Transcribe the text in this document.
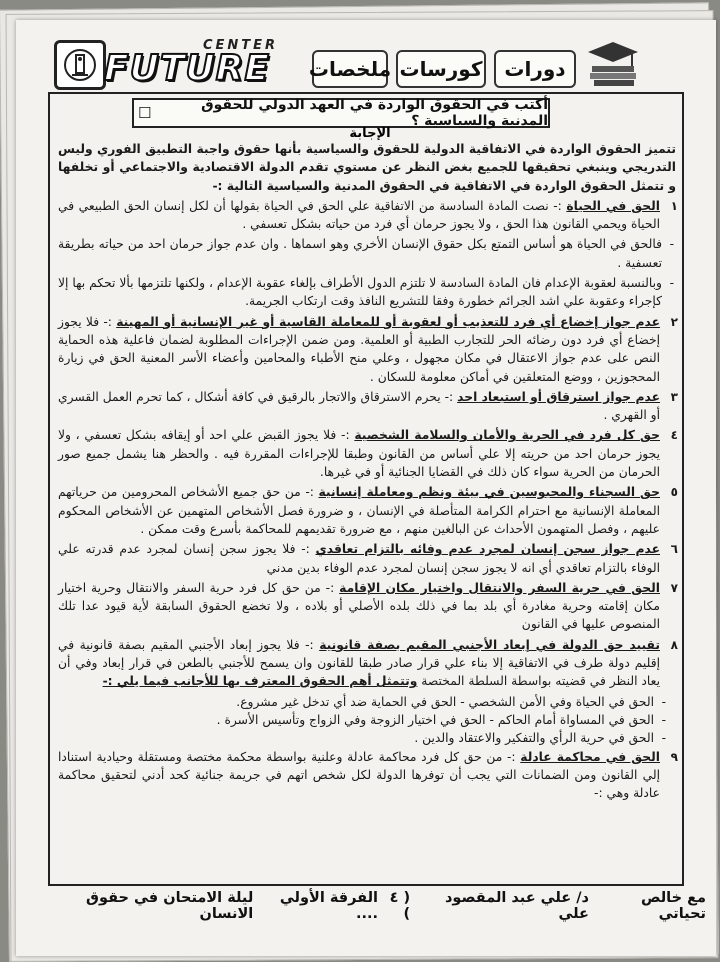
CENTER
FUTURE ملخصات كورسات	دورات
أكتب في الحقوق الواردة في العهد الدولي للحقوق المدنية والسياسية ؟
☐
الإجابة

تتميز الحقوق الواردة في الاتفاقية الدولية للحقوق والسياسية بأنها حقوق واجبة التطبيق الفوري وليس التدريجي وينبغي تحقيقها للجميع بغض النظر عن مستوي تقدم الدولة الاقتصادية والاجتماعي أو تخلفها و تتمثل الحقوق الواردة في الاتفاقية في الحقوق المدنية والسياسية التالية :-

١
الحق في الحياة :- نصت المادة السادسة من الاتفاقية علي الحق في الحياة بقولها أن لكل إنسان الحق الطبيعي في الحياة ويحمي القانون هذا الحق ، ولا يجوز حرمان أي فرد من حياته بشكل تعسفي .

-
فالحق في الحياة هو أساس التمتع بكل حقوق الإنسان الأخري وهو اسماها . وان عدم جواز حرمان احد من حياته بطريقة تعسفية .

-
وبالنسبة لعقوبة الإعدام فان المادة السادسة لا تلتزم الدول الأطراف بإلغاء عقوبة الإعدام ، ولكنها تلتزمها بألا تحكم بها إلا كإجراء وعقوبة علي اشد الجرائم خطورة وفقا للتشريع النافذ وقت ارتكاب الجريمة.

٢
عدم جواز إخضاع أي فرد للتعذيب أو لعقوبة أو للمعاملة القاسية أو غير الإنسانية أو المهينة :- فلا يجوز إخضاع أي فرد دون رضائه الحر للتجارب الطبية أو العلمية. ومن ضمن الإجراءات المطلوبة لضمان فاعلية هذه الحماية النص على عدم جواز الاعتقال في مكان مجهول ، وعلي منح الأطباء والمحامين وأعضاء الأسر المعنية الحق في زيارة المحجوزين ، ووضع المتعلقين في أماكن معلومة للسكان .

٣
عدم جواز استرقاق أو استبعاد احد :- يحرم الاسترقاق والاتجار بالرقيق في كافة أشكال ، كما تحرم العمل القسري أو القهري .

٤
حق كل فرد في الحرية والأمان والسلامة الشخصية :- فلا يجوز القبض علي احد أو إيقافه بشكل تعسفي ، ولا يجوز حرمان احد من حريته إلا علي أساس من القانون وطبقا للإجراءات المقررة فيه . والحظر هنا يشمل جميع صور الحرمان من الحرية سواء كان ذلك في القضايا الجنائية أو في غيرها.

٥
حق السجناء والمحبوسين في بيئة ونظم ومعاملة إنسانية :- من حق جميع الأشخاص المحرومين من حرياتهم المعاملة الإنسانية مع احترام الكرامة المتأصلة في الإنسان ، و ضرورة فصل الأشخاص المتهمين عن الأشخاص المحكوم عليهم ، وفصل المتهمون الأحداث عن البالغين منهم ، مع ضرورة تقديمهم للمحاكمة بأسرع وقت ممكن .

٦
عدم جواز سجن إنسان لمجرد عدم وفائه بالتزام تعاقدي :- فلا يجوز سجن إنسان لمجرد عدم قدرته علي الوفاء بالتزام تعاقدي أي انه لا يجوز سجن إنسان لمجرد عدم الوفاء بدين مدني

٧
الحق في حرية السفر والانتقال واختيار مكان الإقامة :- من حق كل فرد حرية السفر والانتقال وحرية اختيار مكان إقامته وحرية مغادرة أي بلد بما في ذلك بلده الأصلي أو بلاده ، ولا تخضع الحقوق السابقة لأية قيود عدا تلك المنصوص عليها في القانون

٨
تقييد حق الدولة في إبعاد الأجنبي المقيم بصفة قانونية :- فلا يجوز إبعاد الأجنبي المقيم بصفة قانونية في إقليم دولة طرف في الاتفاقية إلا بناء علي قرار صادر طبقا للقانون وان يسمح للأجنبي بالطعن في قرار إبعاد وفي أن يعاد النظر في قضيته بواسطة السلطة المختصة وتتمثل أهم الحقوق المعترف بها للأجانب فيما يلي :-

-
الحق في الحياة وفي الأمن الشخصي - الحق في الحماية ضد أي تدخل غير مشروع.
-
الحق في المساواة أمام الحاكم - الحق في اختيار الزوجة وفي الزواج وتأسيس الأسرة .
-
الحق في حرية الرأي والتفكير والاعتقاد والدين .

٩
الحق في محاكمة عادلة :- من حق كل فرد محاكمة عادلة وعلنية بواسطة محكمة مختصة ومستقلة وحيادية استنادا إلي القانون ومن الضمانات التي يجب أن توفرها الدولة لكل شخص اتهم في جريمة جنائية كحد أدني لتحقيق محاكمة عادلة وهي :-

مع خالص تحياتي
د/ علي عبد المقصود علي
( ٤ )
الفرقة الأولي ....
ليلة الامتحان في حقوق الانسان
